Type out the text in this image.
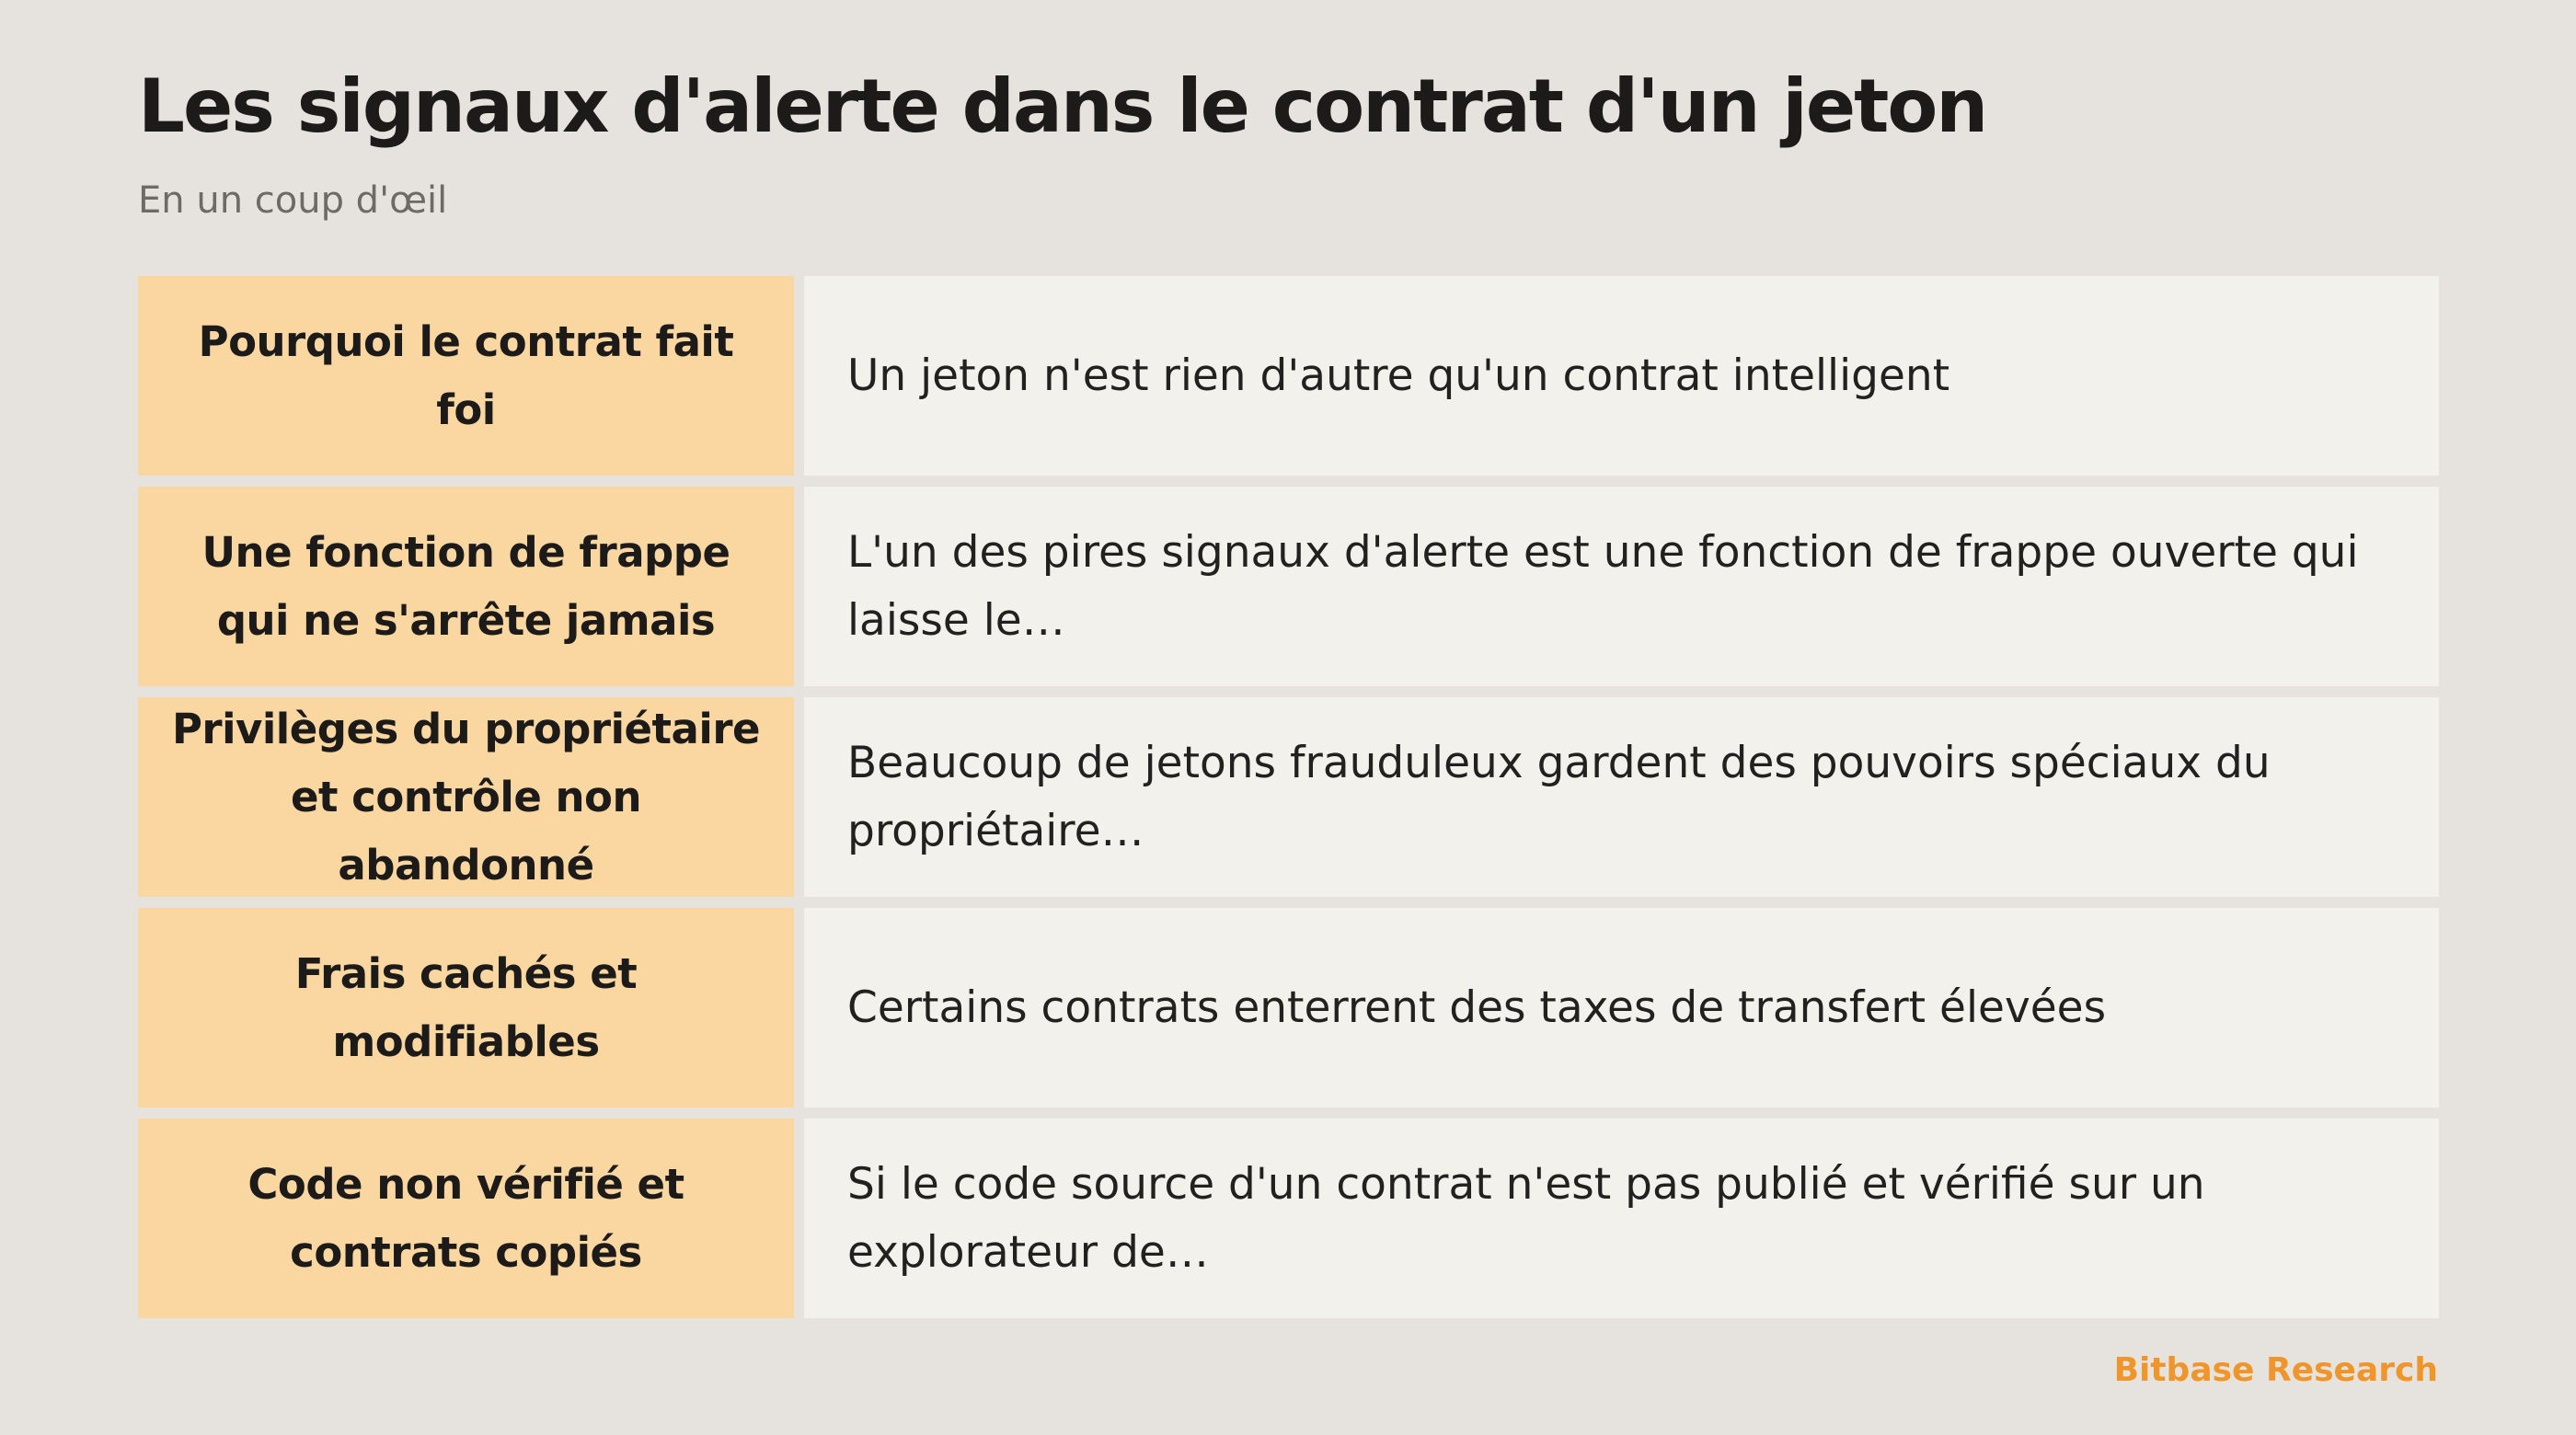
Les signaux d'alerte dans le contrat d'un jeton
En un coup d'œil
Pourquoi le contrat fait foi
Un jeton n'est rien d'autre qu'un contrat intelligent
Une fonction de frappe qui ne s'arrête jamais
L'un des pires signaux d'alerte est une fonction de frappe ouverte qui laisse le…
Privilèges du propriétaire et contrôle non abandonné
Beaucoup de jetons frauduleux gardent des pouvoirs spéciaux du propriétaire…
Frais cachés et modifiables
Certains contrats enterrent des taxes de transfert élevées
Code non vérifié et contrats copiés
Si le code source d'un contrat n'est pas publié et vérifié sur un explorateur de…
Bitbase Research
